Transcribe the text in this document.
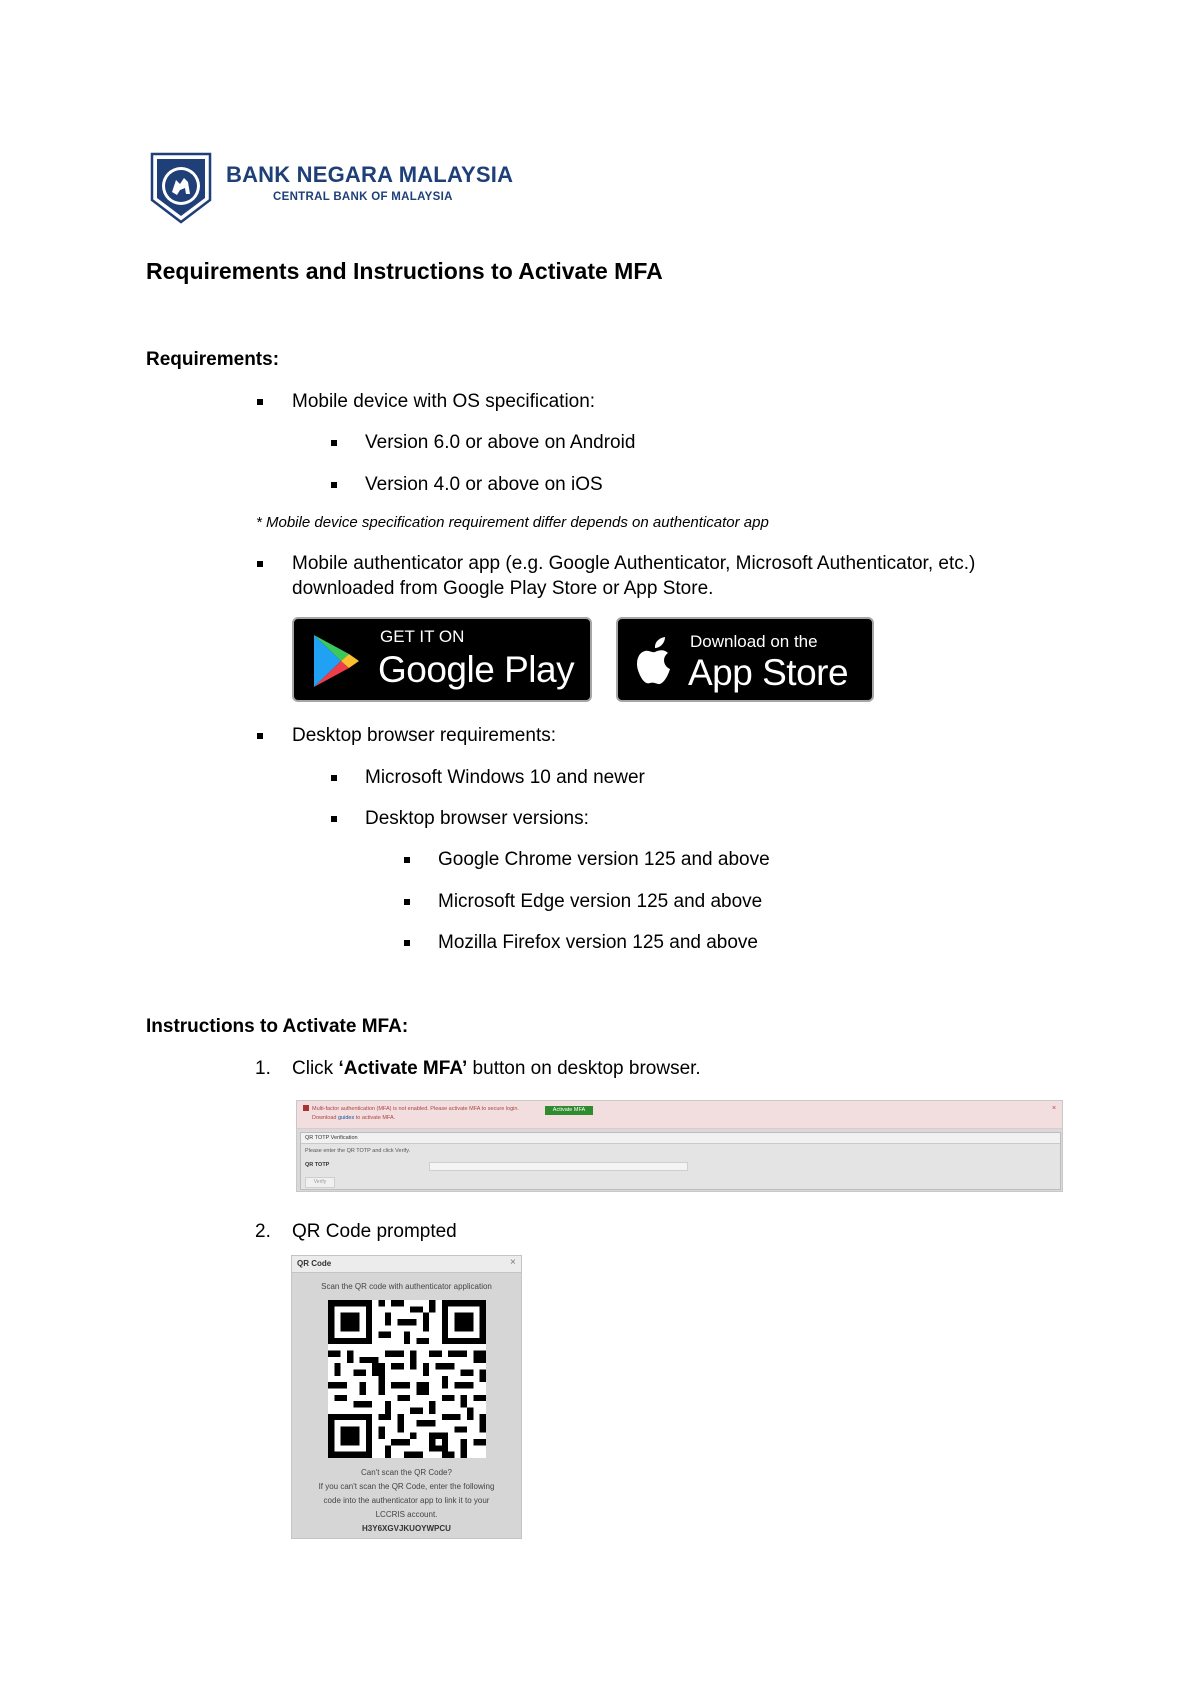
BANK NEGARA MALAYSIA
CENTRAL BANK OF MALAYSIA
Requirements and Instructions to Activate MFA
Requirements:
Mobile device with OS specification:
Version 6.0 or above on Android
Version 4.0 or above on iOS
* Mobile device specification requirement differ depends on authenticator app
Mobile authenticator app (e.g. Google Authenticator, Microsoft Authenticator, etc.)
downloaded from Google Play Store or App Store.
GET IT ON
Google Play
Download on the
App Store
Desktop browser requirements:
Microsoft Windows 10 and newer
Desktop browser versions:
Google Chrome version 125 and above
Microsoft Edge version 125 and above
Mozilla Firefox version 125 and above
Instructions to Activate MFA:
1. Click ‘Activate MFA’ button on desktop browser.
Multi-factor authentication (MFA) is not enabled. Please activate MFA to secure login.	Activate MFA
Download guides to activate MFA.
×
QR TOTP Verification
Please enter the QR TOTP and click Verify.
QR TOTP
Verify
2. QR Code prompted
QR Code	×
Scan the QR code with authenticator application
Can't scan the QR Code?
If you can't scan the QR Code, enter the following
code into the authenticator app to link it to your
LCCRIS account.
H3Y6XGVJKUOYWPCU
